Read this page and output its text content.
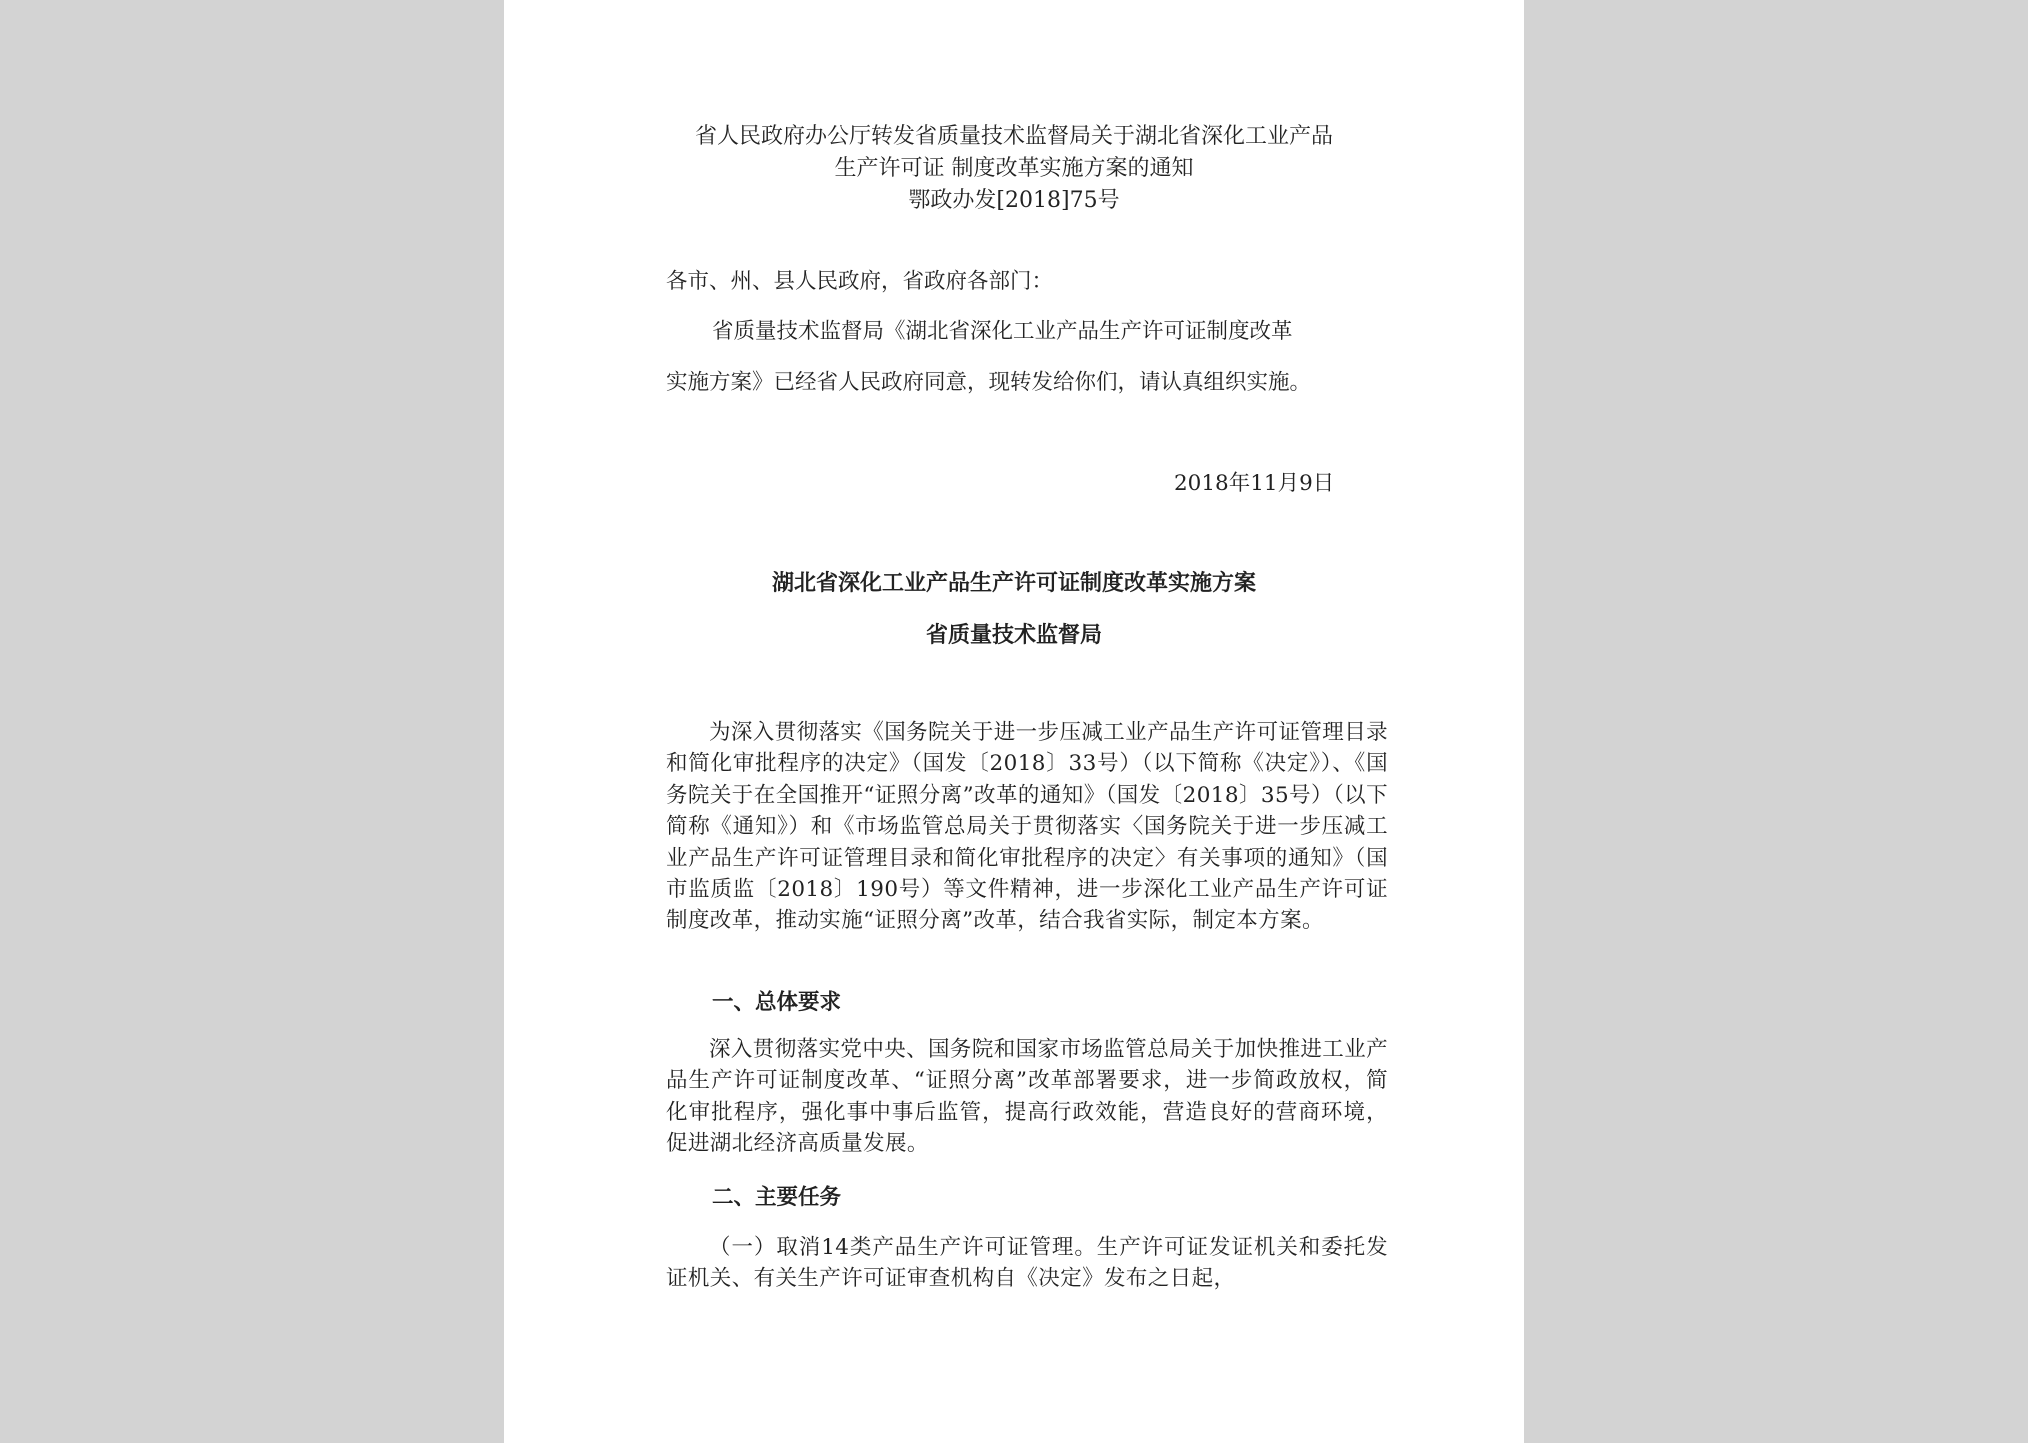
省人民政府办公厅转发省质量技术监督局关于湖北省深化工业产品

生产许可证 制度改革实施方案的通知

鄂政办发[2018]75号

各市、州、县人民政府，省政府各部门：

省质量技术监督局《湖北省深化工业产品生产许可证制度改革

实施方案》已经省人民政府同意，现转发给你们，请认真组织实施。

2018年11月9日

湖北省深化工业产品生产许可证制度改革实施方案

省质量技术监督局

为深入贯彻落实《国务院关于进一步压减工业产品生产许可证管理目录和简化审批程序的决定》（国发〔2018〕33号）（以下简称《决定》）、《国务院关于在全国推开“证照分离”改革的通知》（国发〔2018〕35号）（以下简称《通知》）和《市场监管总局关于贯彻落实〈国务院关于进一步压减工业产品生产许可证管理目录和简化审批程序的决定〉有关事项的通知》（国市监质监〔2018〕190号）等文件精神，进一步深化工业产品生产许可证制度改革，推动实施“证照分离”改革，结合我省实际，制定本方案。

一、总体要求

深入贯彻落实党中央、国务院和国家市场监管总局关于加快推进工业产品生产许可证制度改革、“证照分离”改革部署要求，进一步简政放权，简化审批程序，强化事中事后监管，提高行政效能，营造良好的营商环境，促进湖北经济高质量发展。

二、主要任务

（一）取消14类产品生产许可证管理。生产许可证发证机关和委托发证机关、有关生产许可证审查机构自《决定》发布之日起，
